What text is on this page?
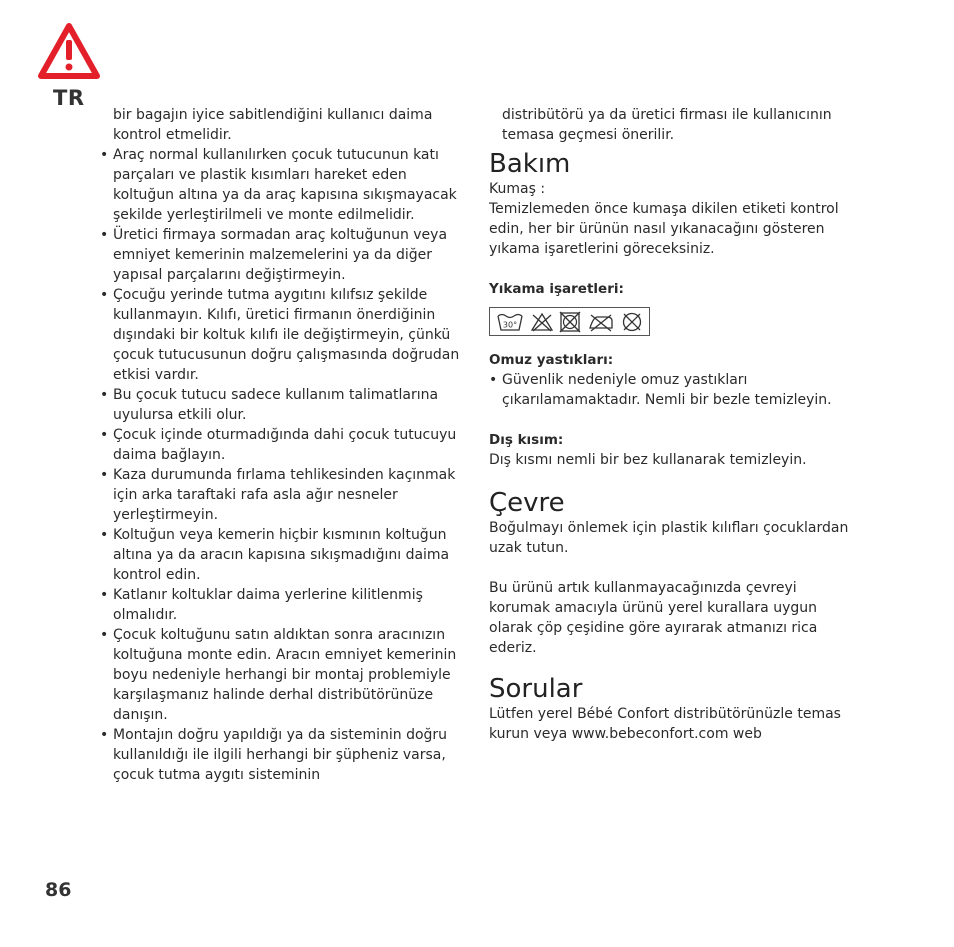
TR

bir bagajın iyice sabitlendiğini kullanıcı daima kontrol etmelidir.

• Araç normal kullanılırken çocuk tutucunun katı parçaları ve plastik kısımları hareket eden koltuğun altına ya da araç kapısına sıkışmayacak şekilde yerleştirilmeli ve monte edilmelidir.
• Üretici firmaya sormadan araç koltuğunun veya emniyet kemerinin malzemelerini ya da diğer yapısal parçalarını değiştirmeyin.
• Çocuğu yerinde tutma aygıtını kılıfsız şekilde kullanmayın. Kılıfı, üretici firmanın önerdiğinin dışındaki bir koltuk kılıfı ile değiştirmeyin, çünkü çocuk tutucusunun doğru çalışmasında doğrudan etkisi vardır.
• Bu çocuk tutucu sadece kullanım talimatlarına uyulursa etkili olur.
• Çocuk içinde oturmadığında dahi çocuk tutucuyu daima bağlayın.
• Kaza durumunda fırlama tehlikesinden kaçınmak için arka taraftaki rafa asla ağır nesneler yerleştirmeyin.
• Koltuğun veya kemerin hiçbir kısmının koltuğun altına ya da aracın kapısına sıkışmadığını daima kontrol edin.
• Katlanır koltuklar daima yerlerine kilitlenmiş olmalıdır.
• Çocuk koltuğunu satın aldıktan sonra aracınızın koltuğuna monte edin. Aracın emniyet kemerinin boyu nedeniyle herhangi bir montaj problemiyle karşılaşmanız halinde derhal distribütörünüze danışın.
• Montajın doğru yapıldığı ya da sisteminin doğru kullanıldığı ile ilgili herhangi bir şüpheniz varsa, çocuk tutma aygıtı sisteminin

distribütörü ya da üretici firması ile kullanıcının temasa geçmesi önerilir.

Bakım

Kumaş :

Temizlemeden önce kumaşa dikilen etiketi kontrol edin, her bir ürünün nasıl yıkanacağını gösteren yıkama işaretlerini göreceksiniz.

Yıkama işaretleri:

30°

Omuz yastıkları:

• Güvenlik nedeniyle omuz yastıkları çıkarılamamaktadır. Nemli bir bezle temizleyin.

Dış kısım:

Dış kısmı nemli bir bez kullanarak temizleyin.

Çevre

Boğulmayı önlemek için plastik kılıfları çocuklardan uzak tutun.

Bu ürünü artık kullanmayacağınızda çevreyi korumak amacıyla ürünü yerel kurallara uygun olarak çöp çeşidine göre ayırarak atmanızı rica ederiz.

Sorular

Lütfen yerel Bébé Confort distribütörünüzle temas kurun veya www.bebeconfort.com web

86
